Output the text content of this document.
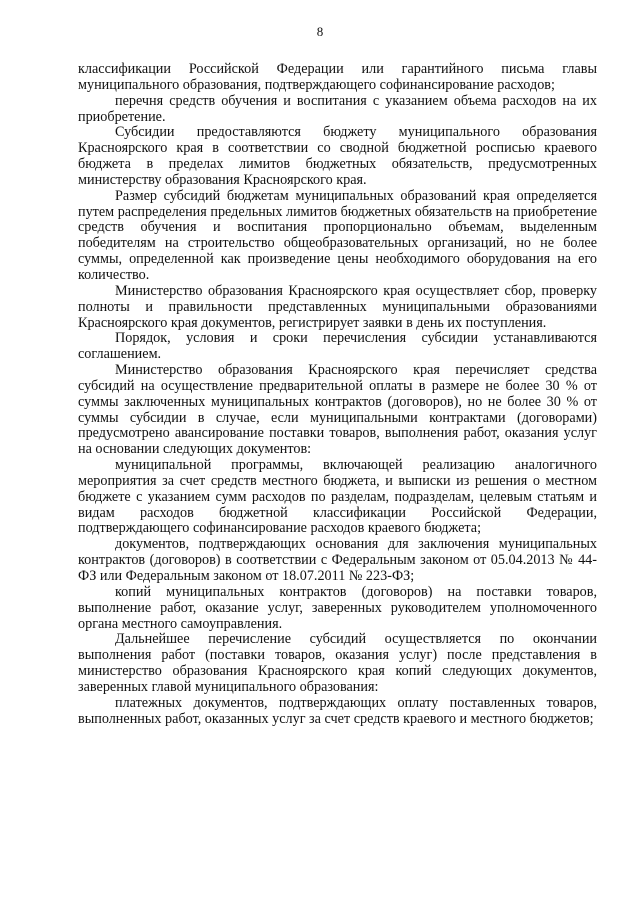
8

классификации Российской Федерации или гарантийного письма главы муниципального образования, подтверждающего софинансирование расходов;

перечня средств обучения и воспитания с указанием объема расходов на их приобретение.

Субсидии предоставляются бюджету муниципального образования Красноярского края в соответствии со сводной бюджетной росписью краевого бюджета в пределах лимитов бюджетных обязательств, предусмотренных министерству образования Красноярского края.

Размер субсидий бюджетам муниципальных образований края определяется путем распределения предельных лимитов бюджетных обязательств на приобретение средств обучения и воспитания пропорционально объемам, выделенным победителям на строительство общеобразовательных организаций, но не более суммы, определенной как произведение цены необходимого оборудования на его количество.

Министерство образования Красноярского края осуществляет сбор, проверку полноты и правильности представленных муниципальными образованиями Красноярского края документов, регистрирует заявки в день их поступления.

Порядок, условия и сроки перечисления субсидии устанавливаются соглашением.

Министерство образования Красноярского края перечисляет средства субсидий на осуществление предварительной оплаты в размере не более 30 % от суммы заключенных муниципальных контрактов (договоров), но не более 30 % от суммы субсидии в случае, если муниципальными контрактами (договорами) предусмотрено авансирование поставки товаров, выполнения работ, оказания услуг на основании следующих документов:

муниципальной программы, включающей реализацию аналогичного мероприятия за счет средств местного бюджета, и выписки из решения о местном бюджете с указанием сумм расходов по разделам, подразделам, целевым статьям и видам расходов бюджетной классификации Российской Федерации, подтверждающего софинансирование расходов краевого бюджета;

документов, подтверждающих основания для заключения муниципальных контрактов (договоров) в соответствии с Федеральным законом от 05.04.2013 № 44-ФЗ или Федеральным законом от 18.07.2011 № 223-ФЗ;

копий муниципальных контрактов (договоров) на поставки товаров, выполнение работ, оказание услуг, заверенных руководителем уполномоченного органа местного самоуправления.

Дальнейшее перечисление субсидий осуществляется по окончании выполнения работ (поставки товаров, оказания услуг) после представления в министерство образования Красноярского края копий следующих документов, заверенных главой муниципального образования:

платежных документов, подтверждающих оплату поставленных товаров, выполненных работ, оказанных услуг за счет средств краевого и местного бюджетов;
